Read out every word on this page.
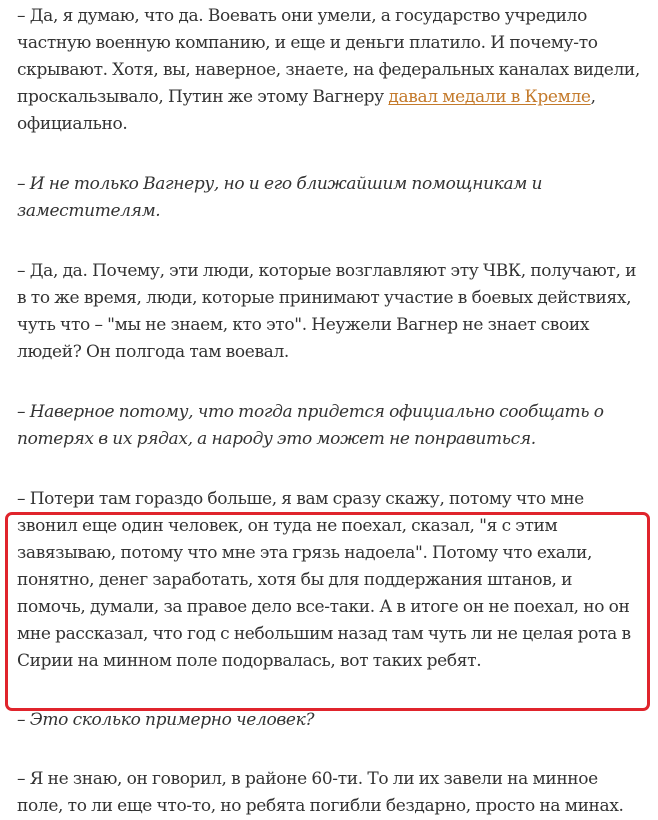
– Да, я думаю, что да. Воевать они умели, а государство учредило частную военную компанию, и еще и деньги платило. И почему-то скрывают. Хотя, вы, наверное, знаете, на федеральных каналах видели, проскальзывало, Путин же этому Вагнеру давал медали в Кремле, официально.

– И не только Вагнеру, но и его ближайшим помощникам и заместителям.

– Да, да. Почему, эти люди, которые возглавляют эту ЧВК, получают, и в то же время, люди, которые принимают участие в боевых действиях, чуть что – "мы не знаем, кто это". Неужели Вагнер не знает своих людей? Он полгода там воевал.

– Наверное потому, что тогда придется официально сообщать о потерях в их рядах, а народу это может не понравиться.

– Потери там гораздо больше, я вам сразу скажу, потому что мне звонил еще один человек, он туда не поехал, сказал, "я с этим завязываю, потому что мне эта грязь надоела". Потому что ехали, понятно, денег заработать, хотя бы для поддержания штанов, и помочь, думали, за правое дело все-таки. А в итоге он не поехал, но он мне рассказал, что год с небольшим назад там чуть ли не целая рота в Сирии на минном поле подорвалась, вот таких ребят.

– Это сколько примерно человек?

– Я не знаю, он говорил, в районе 60-ти. То ли их завели на минное поле, то ли еще что-то, но ребята погибли бездарно, просто на минах.
